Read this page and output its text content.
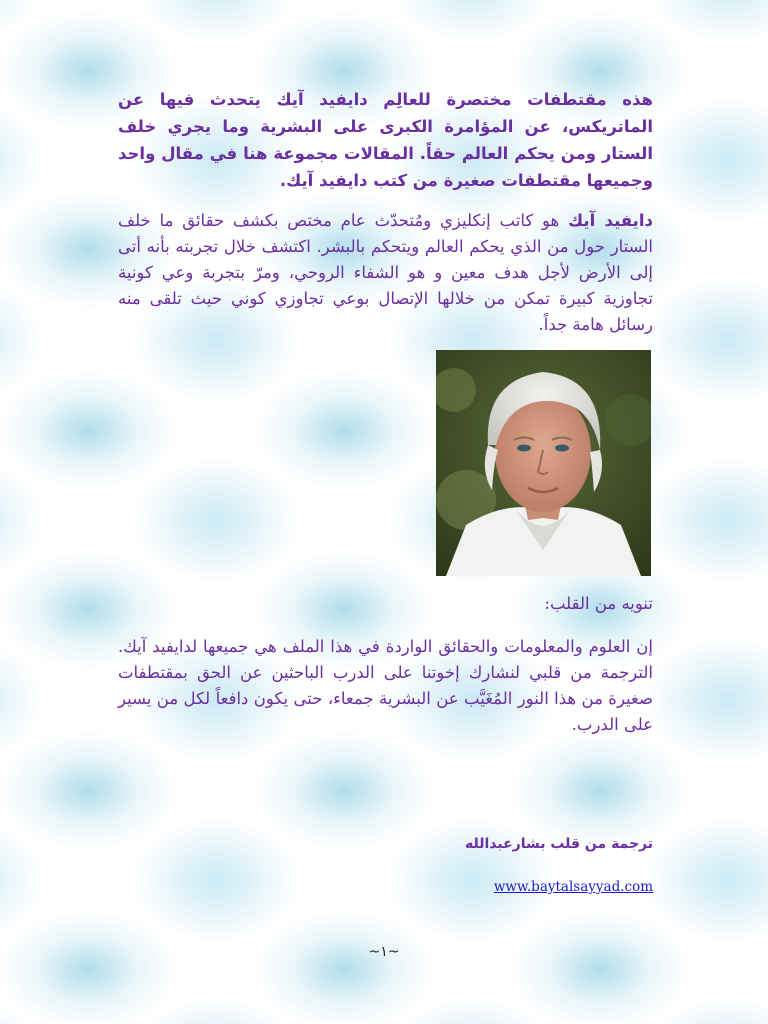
هذه مقتطفات مختصرة للعالِم دايفيد آيك يتحدث فيها عن الماتريكس، عن المؤامرة الكبرى على البشرية وما يجري خلف الستار ومن يحكم العالم حقاً. المقالات مجموعة هنا في مقال واحد وجميعها مقتطفات صغيرة من كتب دايفيد آيك.

دايفيد آيك هو كاتب إنكليزي ومُتحدّث عام مختص بكشف حقائق ما خلف الستار حول من الذي يحكم العالم ويتحكم بالبشر. اكتشف خلال تجربته بأنه أتى إلى الأرض لأجل هدف معين و هو الشفاء الروحي، ومرّ بتجربة وعي كونية تجاوزية كبيرة تمكن من خلالها الإتصال بوعي تجاوزي كوني حيث تلقى منه رسائل هامة جداً.

تنويه من القلب:

إن العلوم والمعلومات والحقائق الواردة في هذا الملف هي جميعها لدايفيد آيك. الترجمة من قلبي لنشارك إخوتنا على الدرب الباحثين عن الحق بمقتطفات صغيرة من هذا النور المُغَيَّب عن البشرية جمعاء، حتى يكون دافعاً لكل من يسير على الدرب.

ترجمة من قلب بشارعبدالله
www.baytalsayyad.com
~١~
